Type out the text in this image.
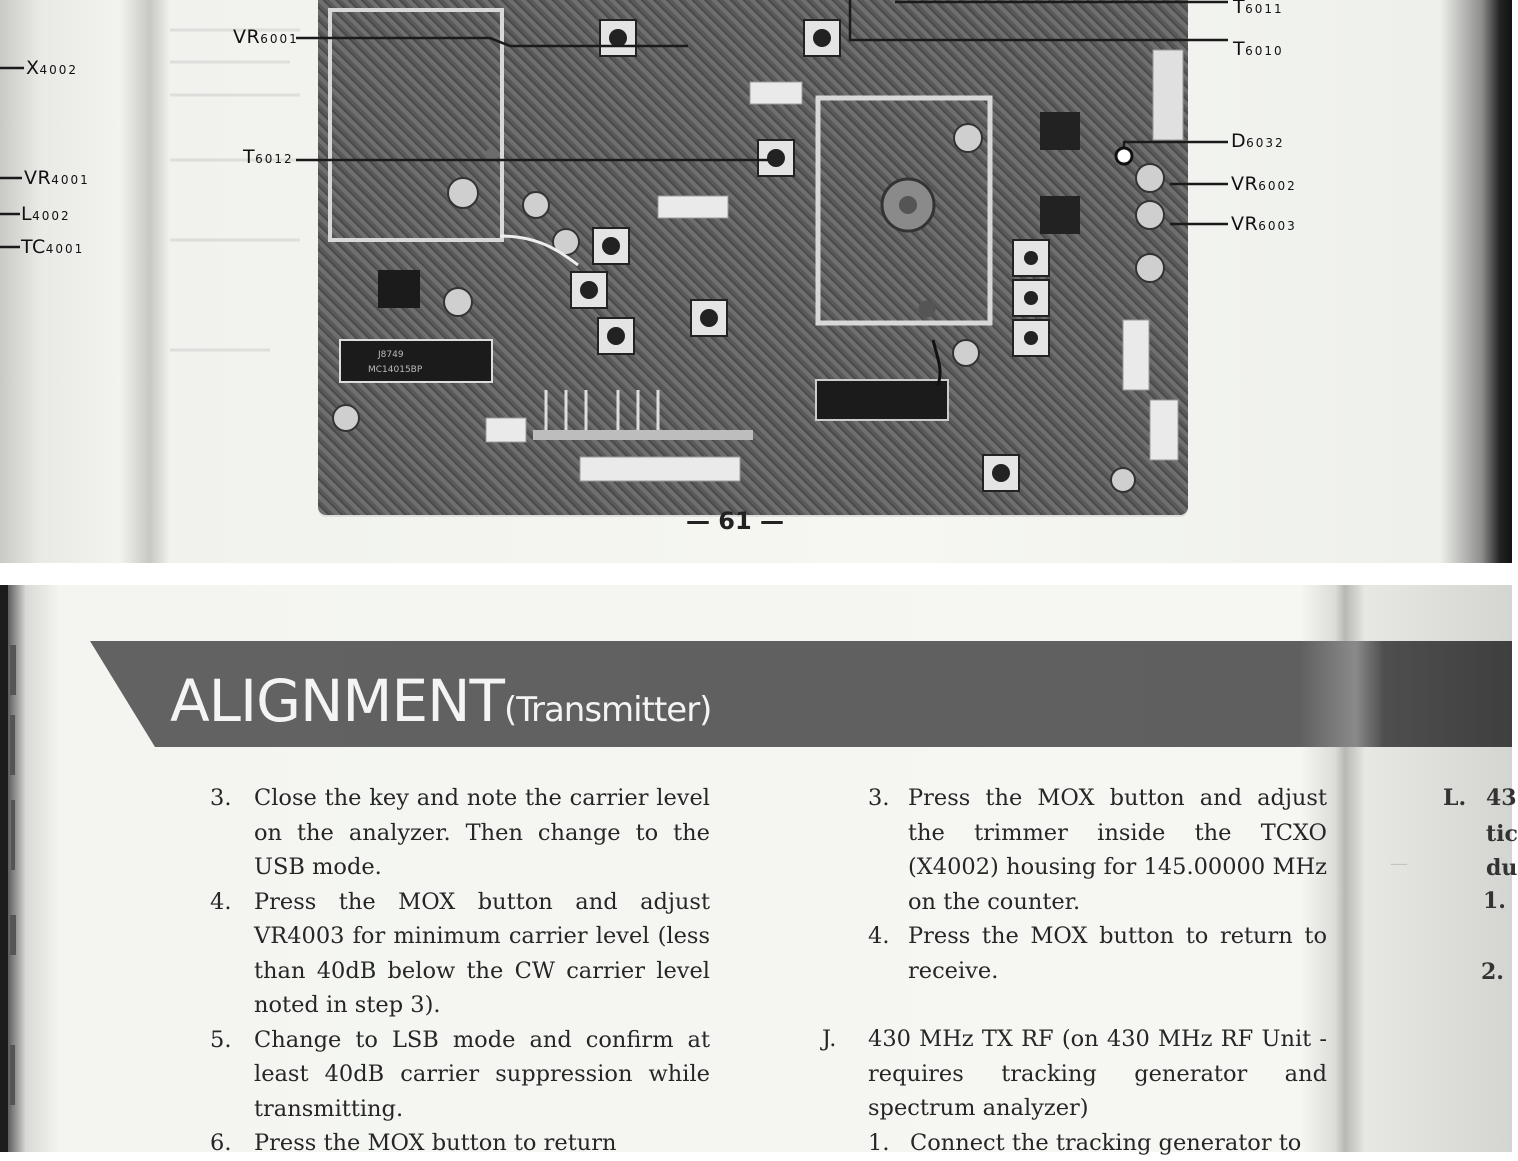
J8749
MC14015BP
X4002
VR4001
L4002
TC4001
VR6001
T6012
T6011
T6010
D6032
VR6002
VR6003
— 61 —
ALIGNMENT(Transmitter)
3. Close the key and note the carrier level on the analyzer. Then change to the USB mode.
4. Press the MOX button and adjust VR4003 for minimum carrier level (less than 40dB below the CW carrier level noted in step 3).
5. Change to LSB mode and confirm at least 40dB carrier suppression while transmitting.
6. Press the MOX button to return
3. Press the MOX button and adjust the trimmer inside the TCXO (X4002) housing for 145.00000 MHz on the counter.
4. Press the MOX button to return to receive.
J. 430 MHz TX RF (on 430 MHz RF Unit - requires tracking generator and spectrum analyzer)
1. Connect the tracking generator to
—
L. 43
tic
du
1.
2.
